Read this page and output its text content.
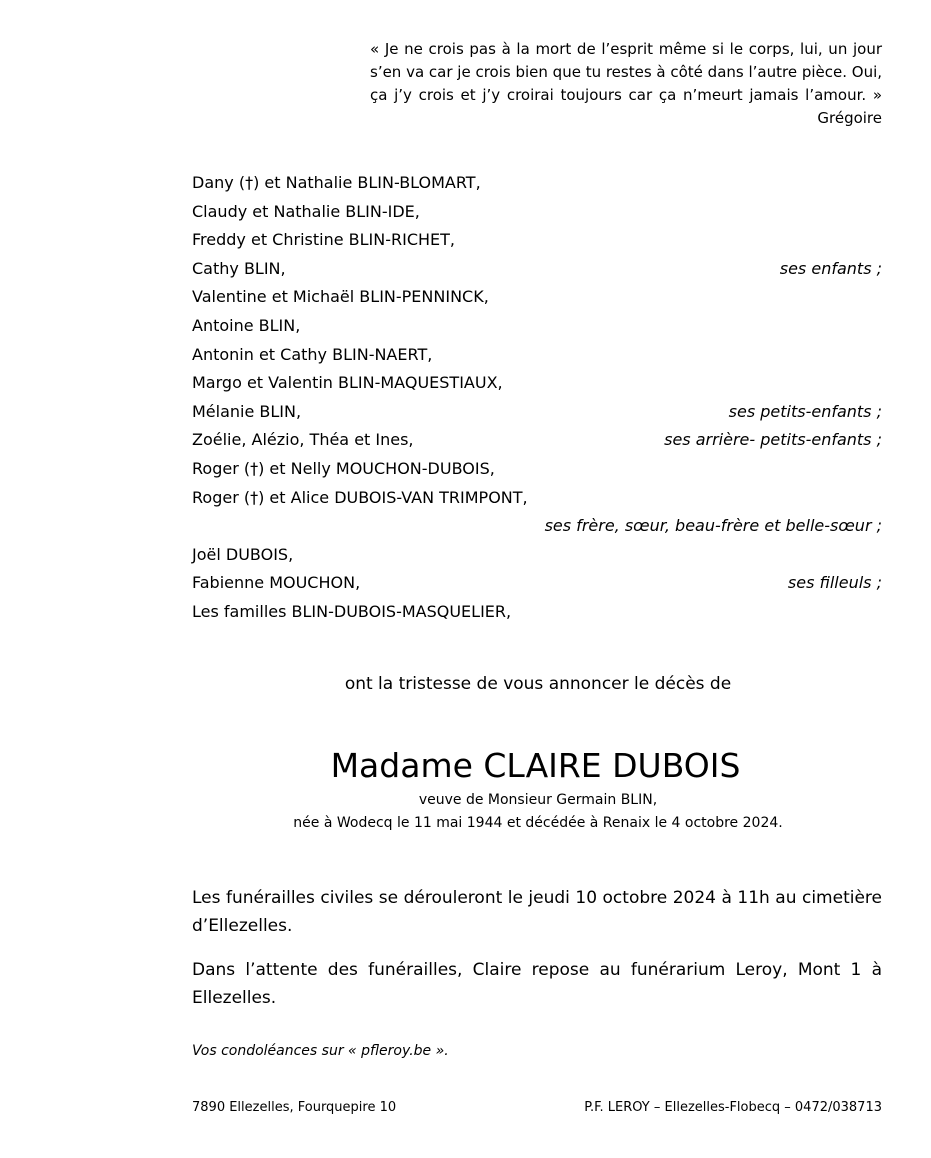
« Je ne crois pas à la mort de l’esprit même si le corps, lui, un jour
s’en va car je crois bien que tu restes à côté dans l’autre pièce. Oui,
ça j’y crois et j’y croirai toujours car ça n’meurt jamais l’amour. »
Grégoire
Dany (†) et Nathalie BLIN-BLOMART,
Claudy et Nathalie BLIN-IDE,
Freddy et Christine BLIN-RICHET,
Cathy BLIN,	ses enfants ;
Valentine et Michaël BLIN-PENNINCK,
Antoine BLIN,
Antonin et Cathy BLIN-NAERT,
Margo et Valentin BLIN-MAQUESTIAUX,
Mélanie BLIN,	ses petits-enfants ;
Zoélie, Alézio, Théa et Ines,	ses arrière- petits-enfants ;
Roger (†) et Nelly MOUCHON-DUBOIS,
Roger (†) et Alice DUBOIS-VAN TRIMPONT,
ses frère, sœur, beau-frère et belle-sœur ;
Joël DUBOIS,
Fabienne MOUCHON,	ses filleuls ;
Les familles BLIN-DUBOIS-MASQUELIER,
ont la tristesse de vous annoncer le décès de
Madame CLAIRE DUBOIS
veuve de Monsieur Germain BLIN,
née à Wodecq le 11 mai 1944 et décédée à Renaix le 4 octobre 2024.
Les funérailles civiles se dérouleront le jeudi 10 octobre 2024 à 11h au cimetière d’Ellezelles.
Dans l’attente des funérailles, Claire repose au funérarium Leroy, Mont 1 à Ellezelles.
Vos condoléances sur « pfleroy.be ».
7890 Ellezelles, Fourquepire 10	P.F. LEROY – Ellezelles-Flobecq – 0472/038713
